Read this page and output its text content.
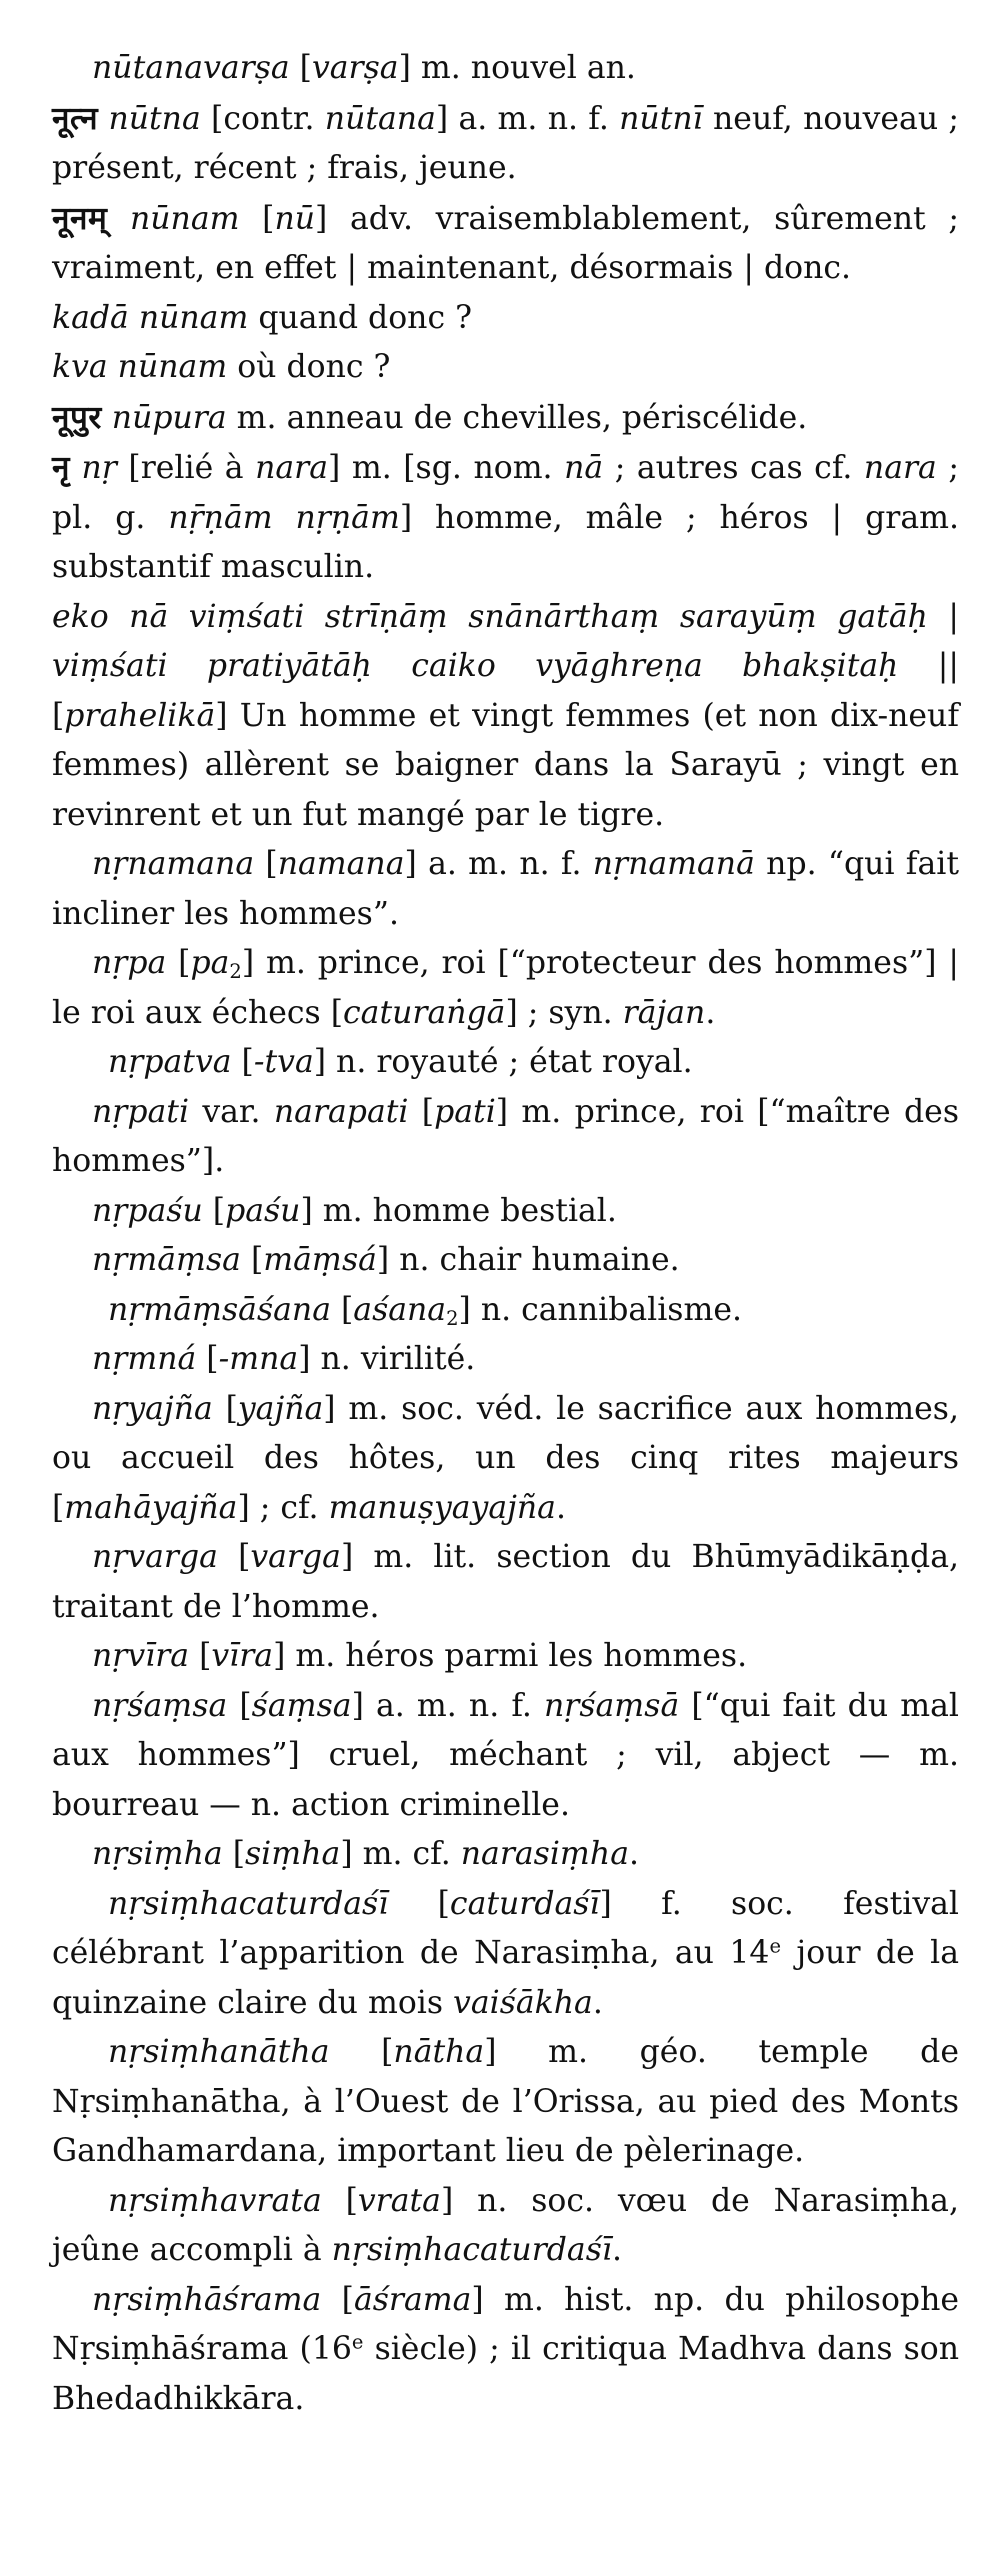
nūtanavarṣa [varṣa] m. nouvel an.

नूत्न nūtna [contr. nūtana] a. m. n. f. nūtnī neuf, nouveau ; présent, récent ; frais, jeune.

नूनम् nūnam [nū] adv. vraisemblablement, sûrement ; vraiment, en effet | maintenant, désormais | donc.

kadā nūnam quand donc ?

kva nūnam où donc ?

नूपुर nūpura m. anneau de chevilles, périscélide.

नृ nṛ [relié à nara] m. [sg. nom. nā ; autres cas cf. nara ; pl. g. nṝṇām nṛṇām] homme, mâle ; héros | gram. substantif masculin.

eko nā viṃśati strīṇāṃ snānārthaṃ sarayūṃ gatāḥ | viṃśati pratiyātāḥ caiko vyāghreṇa bhakṣitaḥ || [prahelikā] Un homme et vingt femmes (et non dix-neuf femmes) allèrent se baigner dans la Sarayū ; vingt en revinrent et un fut mangé par le tigre.

nṛnamana [namana] a. m. n. f. nṛnamanā np. “qui fait incliner les hommes”.

nṛpa $[pa_2]$ m. prince, roi [“protecteur des hommes”] | le roi aux échecs [caturaṅgā] ; syn. rājan.

nṛpatva [-tva] n. royauté ; état royal.

nṛpati var. narapati [pati] m. prince, roi [“maître des hommes”].

nṛpaśu [paśu] m. homme bestial.

nṛmāṃsa [māṃsá] n. chair humaine.

nṛmāṃsāśana [aśana$_2$] n. cannibalisme.

nṛmná [-mna] n. virilité.

nṛyajña [yajña] m. soc. véd. le sacrifice aux hommes, ou accueil des hôtes, un des cinq rites majeurs [mahāyajña] ; cf. manuṣyayajña.

nṛvarga [varga] m. lit. section du Bhūmyādikāṇḍa, traitant de l’homme.

nṛvīra [vīra] m. héros parmi les hommes.

nṛśaṃsa [śaṃsa] a. m. n. f. nṛśaṃsā [“qui fait du mal aux hommes”] cruel, méchant ; vil, abject — m. bourreau — n. action criminelle.

nṛsiṃha [siṃha] m. cf. narasiṃha.

nṛsiṃhacaturdaśī [caturdaśī] f. soc. festival célébrant l’apparition de Narasiṃha, au 14e jour de la quinzaine claire du mois vaiśākha.

nṛsiṃhanātha [nātha] m. géo. temple de Nṛsiṃhanātha, à l’Ouest de l’Orissa, au pied des Monts Gandhamardana, important lieu de pèlerinage.

nṛsiṃhavrata [vrata] n. soc. vœu de Narasiṃha, jeûne accompli à nṛsiṃhacaturdaśī.

nṛsiṃhāśrama [āśrama] m. hist. np. du philosophe Nṛsiṃhāśrama (16e siècle) ; il critiqua Madhva dans son Bhedadhikkāra.
